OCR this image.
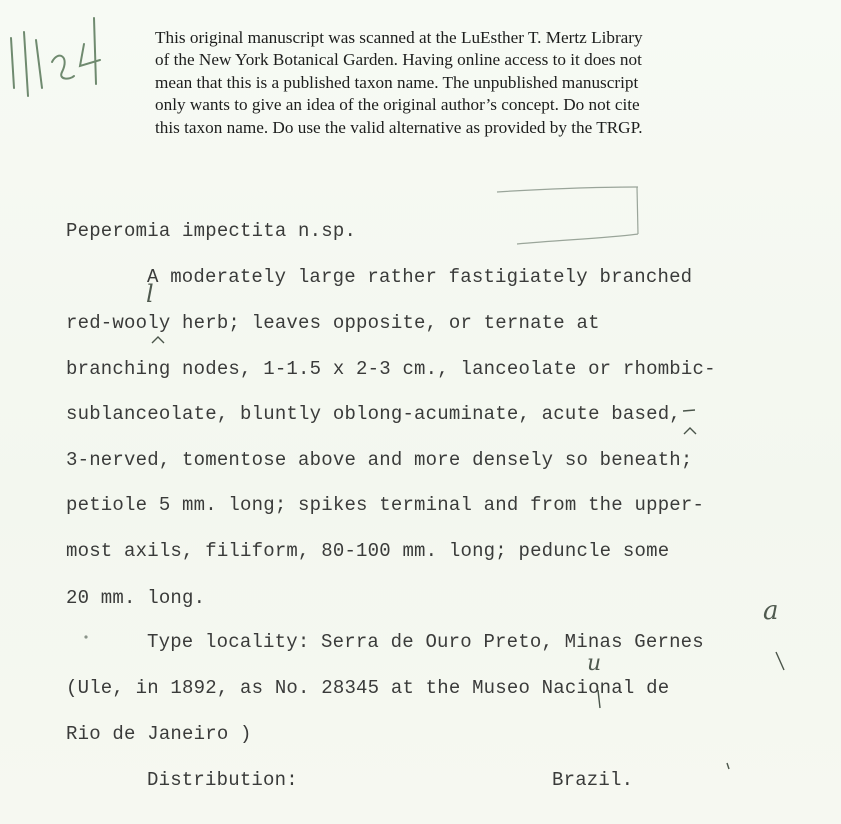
l
a
u
This original manuscript was scanned at the LuEsther T. Mertz Library
of the New York Botanical Garden. Having online access to it does not
mean that this is a published taxon name. The unpublished manuscript
only wants to give an idea of the original author’s concept. Do not cite
this taxon name. Do use the valid alternative as provided by the TRGP.
Peperomia impectita n.sp.
A moderately large rather fastigiately branched
red-wooly herb; leaves opposite, or ternate at
branching nodes, 1-1.5 x 2-3 cm., lanceolate or rhombic-
sublanceolate, bluntly oblong-acuminate, acute based,
3-nerved, tomentose above and more densely so beneath;
petiole 5 mm. long; spikes terminal and from the upper-
most axils, filiform, 80-100 mm. long; peduncle some
20 mm. long.
Type locality: Serra de Ouro Preto, Minas Gernes
(Ule, in 1892, as No. 28345 at the Museo Nacional de
Rio de Janeiro )
Distribution:	Brazil.
